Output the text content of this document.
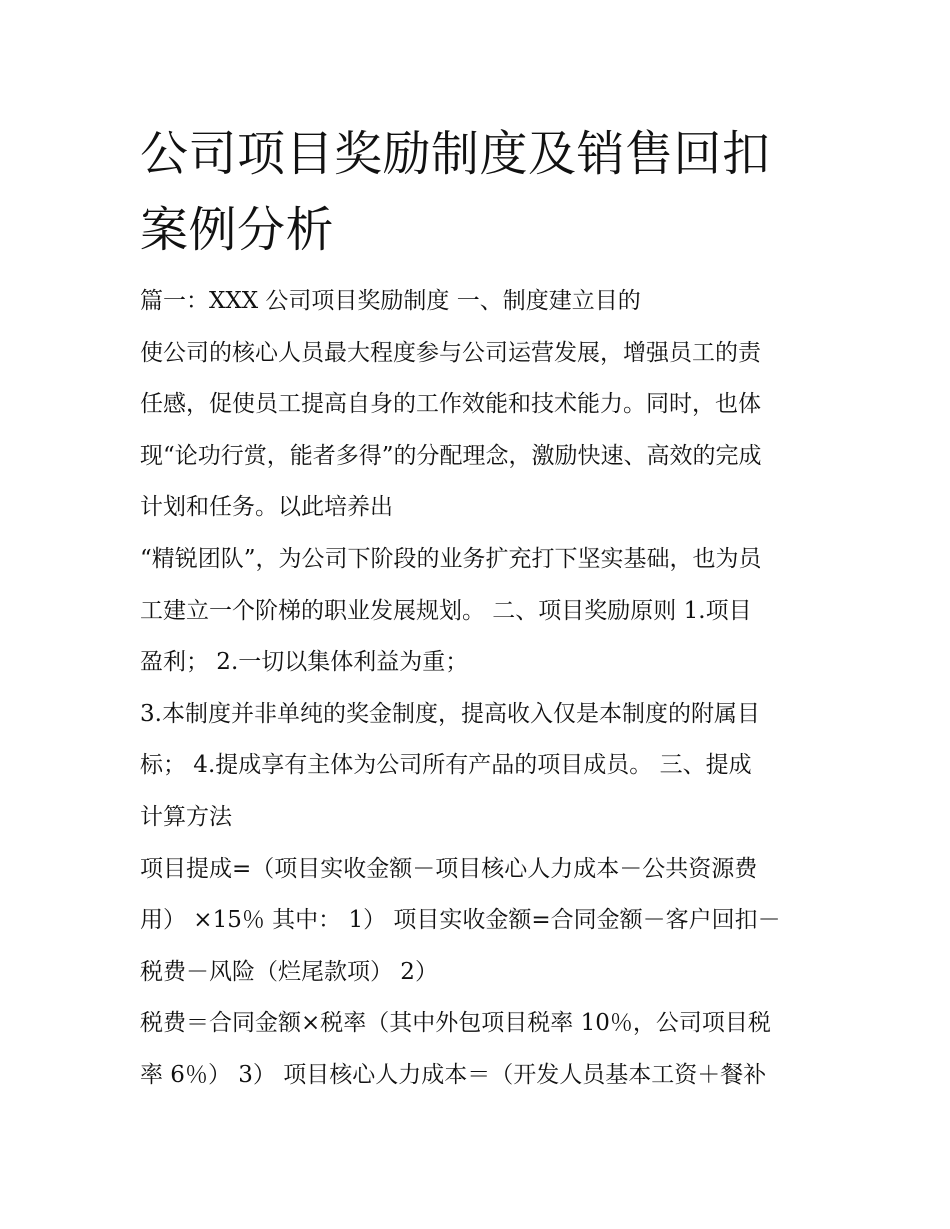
公司项目奖励制度及销售回扣
案例分析
篇一：XXX 公司项目奖励制度 一、制度建立目的
使公司的核心人员最大程度参与公司运营发展，增强员工的责
任感，促使员工提高自身的工作效能和技术能力。同时，也体
现“论功行赏，能者多得”的分配理念，激励快速、高效的完成
计划和任务。以此培养出
“精锐团队”，为公司下阶段的业务扩充打下坚实基础，也为员
工建立一个阶梯的职业发展规划。 二、项目奖励原则 1.项目
盈利； 2.一切以集体利益为重；
3.本制度并非单纯的奖金制度，提高收入仅是本制度的附属目
标； 4.提成享有主体为公司所有产品的项目成员。 三、提成
计算方法
项目提成=（项目实收金额－项目核心人力成本－公共资源费
用） ×15％ 其中： 1） 项目实收金额=合同金额－客户回扣－
税费－风险（烂尾款项） 2）
税费＝合同金额×税率（其中外包项目税率 10％，公司项目税
率 6％） 3） 项目核心人力成本＝（开发人员基本工资＋餐补
